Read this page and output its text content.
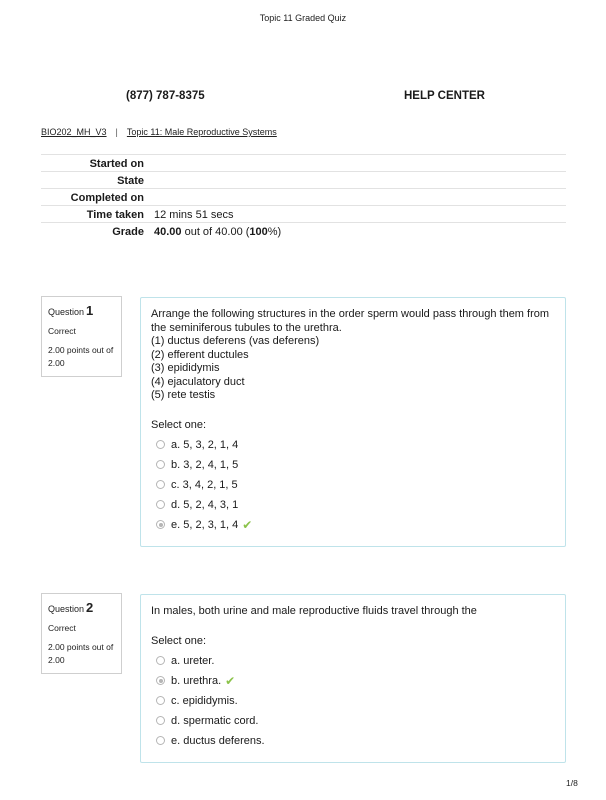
Topic 11 Graded Quiz
(877) 787-8375	HELP CENTER
BIO202_MH_V3 | Topic 11: Male Reproductive Systems
Started on	
State	
Completed on	
Time taken	12 mins 51 secs
Grade	40.00 out of 40.00 (100%)
Question 1
Correct
2.00 points out of 2.00
Arrange the following structures in the order sperm would pass through them from the seminiferous tubules to the urethra.
(1) ductus deferens (vas deferens)
(2) efferent ductules
(3) epididymis
(4) ejaculatory duct
(5) rete testis
Select one:
a. 5, 3, 2, 1, 4
b. 3, 2, 4, 1, 5
c. 3, 4, 2, 1, 5
d. 5, 2, 4, 3, 1
e. 5, 2, 3, 1, 4 ✔
Question 2
Correct
2.00 points out of 2.00
In males, both urine and male reproductive fluids travel through the
Select one:
a. ureter.
b. urethra. ✔
c. epididymis.
d. spermatic cord.
e. ductus deferens.
1/8
